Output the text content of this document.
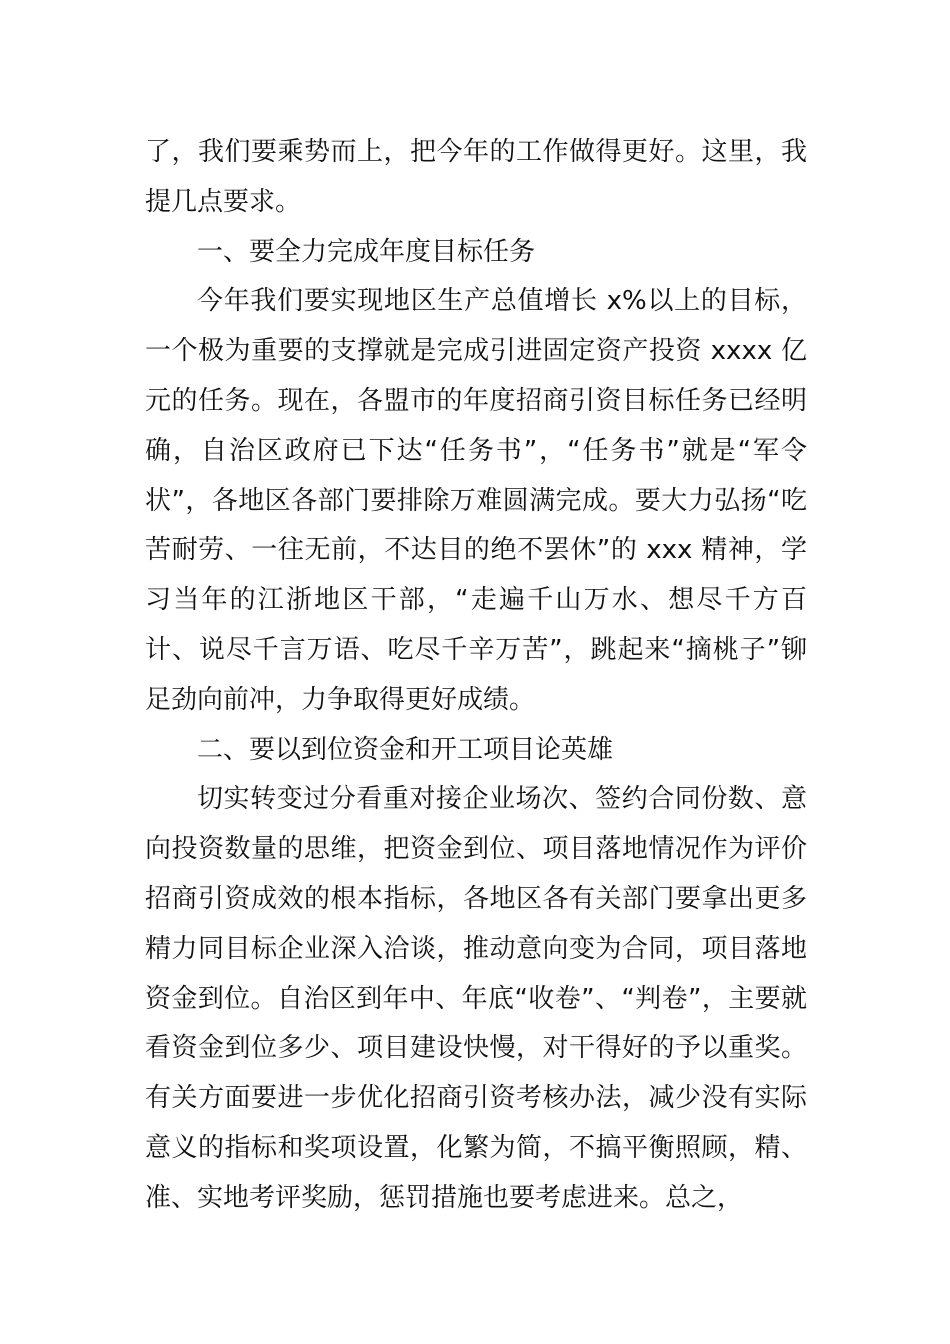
了，我们要乘势而上，把今年的工作做得更好。这里，我提几点要求。

一、要全力完成年度目标任务

今年我们要实现地区生产总值增长 x%以上的目标，一个极为重要的支撑就是完成引进固定资产投资 xxxx 亿元的任务。现在，各盟市的年度招商引资目标任务已经明确，自治区政府已下达“任务书”，“任务书”就是“军令状”，各地区各部门要排除万难圆满完成。要大力弘扬“吃苦耐劳、一往无前，不达目的绝不罢休”的 xxx 精神，学习当年的江浙地区干部，“走遍千山万水、想尽千方百计、说尽千言万语、吃尽千辛万苦”，跳起来“摘桃子”铆足劲向前冲，力争取得更好成绩。

二、要以到位资金和开工项目论英雄

切实转变过分看重对接企业场次、签约合同份数、意向投资数量的思维，把资金到位、项目落地情况作为评价招商引资成效的根本指标，各地区各有关部门要拿出更多精力同目标企业深入洽谈，推动意向变为合同，项目落地资金到位。自治区到年中、年底“收卷”、“判卷”，主要就看资金到位多少、项目建设快慢，对干得好的予以重奖。有关方面要进一步优化招商引资考核办法，减少没有实际意义的指标和奖项设置，化繁为简，不搞平衡照顾，精、准、实地考评奖励，惩罚措施也要考虑进来。总之，
